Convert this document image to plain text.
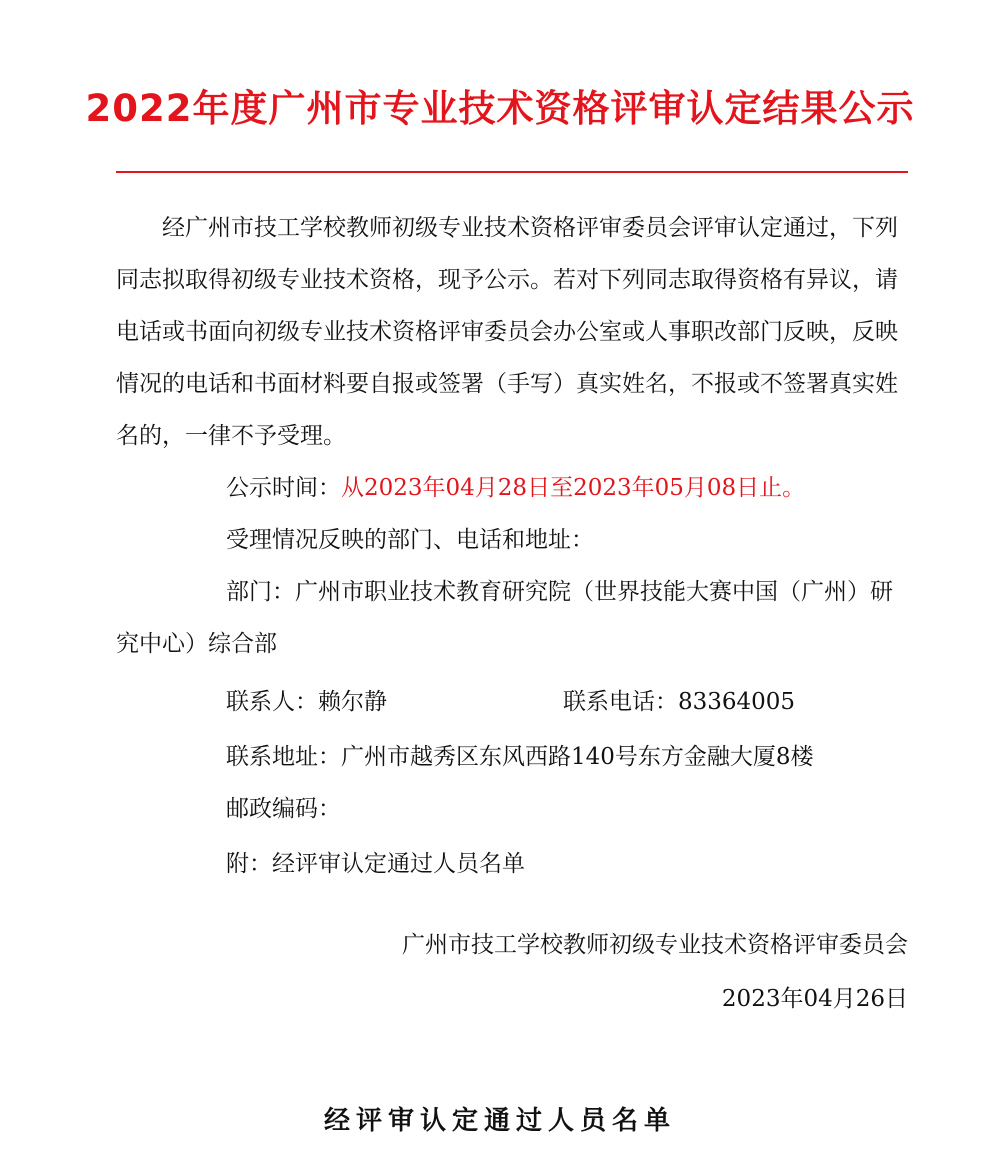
2022年度广州市专业技术资格评审认定结果公示

经广州市技工学校教师初级专业技术资格评审委员会评审认定通过，下列同志拟取得初级专业技术资格，现予公示。若对下列同志取得资格有异议，请电话或书面向初级专业技术资格评审委员会办公室或人事职改部门反映，反映情况的电话和书面材料要自报或签署（手写）真实姓名，不报或不签署真实姓名的，一律不予受理。

公示时间：从2023年04月28日至2023年05月08日止。

受理情况反映的部门、电话和地址：

部门：广州市职业技术教育研究院（世界技能大赛中国（广州）研究中心）综合部

联系人：赖尔静	联系电话：83364005

联系地址：广州市越秀区东风西路140号东方金融大厦8楼

邮政编码：

附：经评审认定通过人员名单

广州市技工学校教师初级专业技术资格评审委员会

2023年04月26日

经评审认定通过人员名单
